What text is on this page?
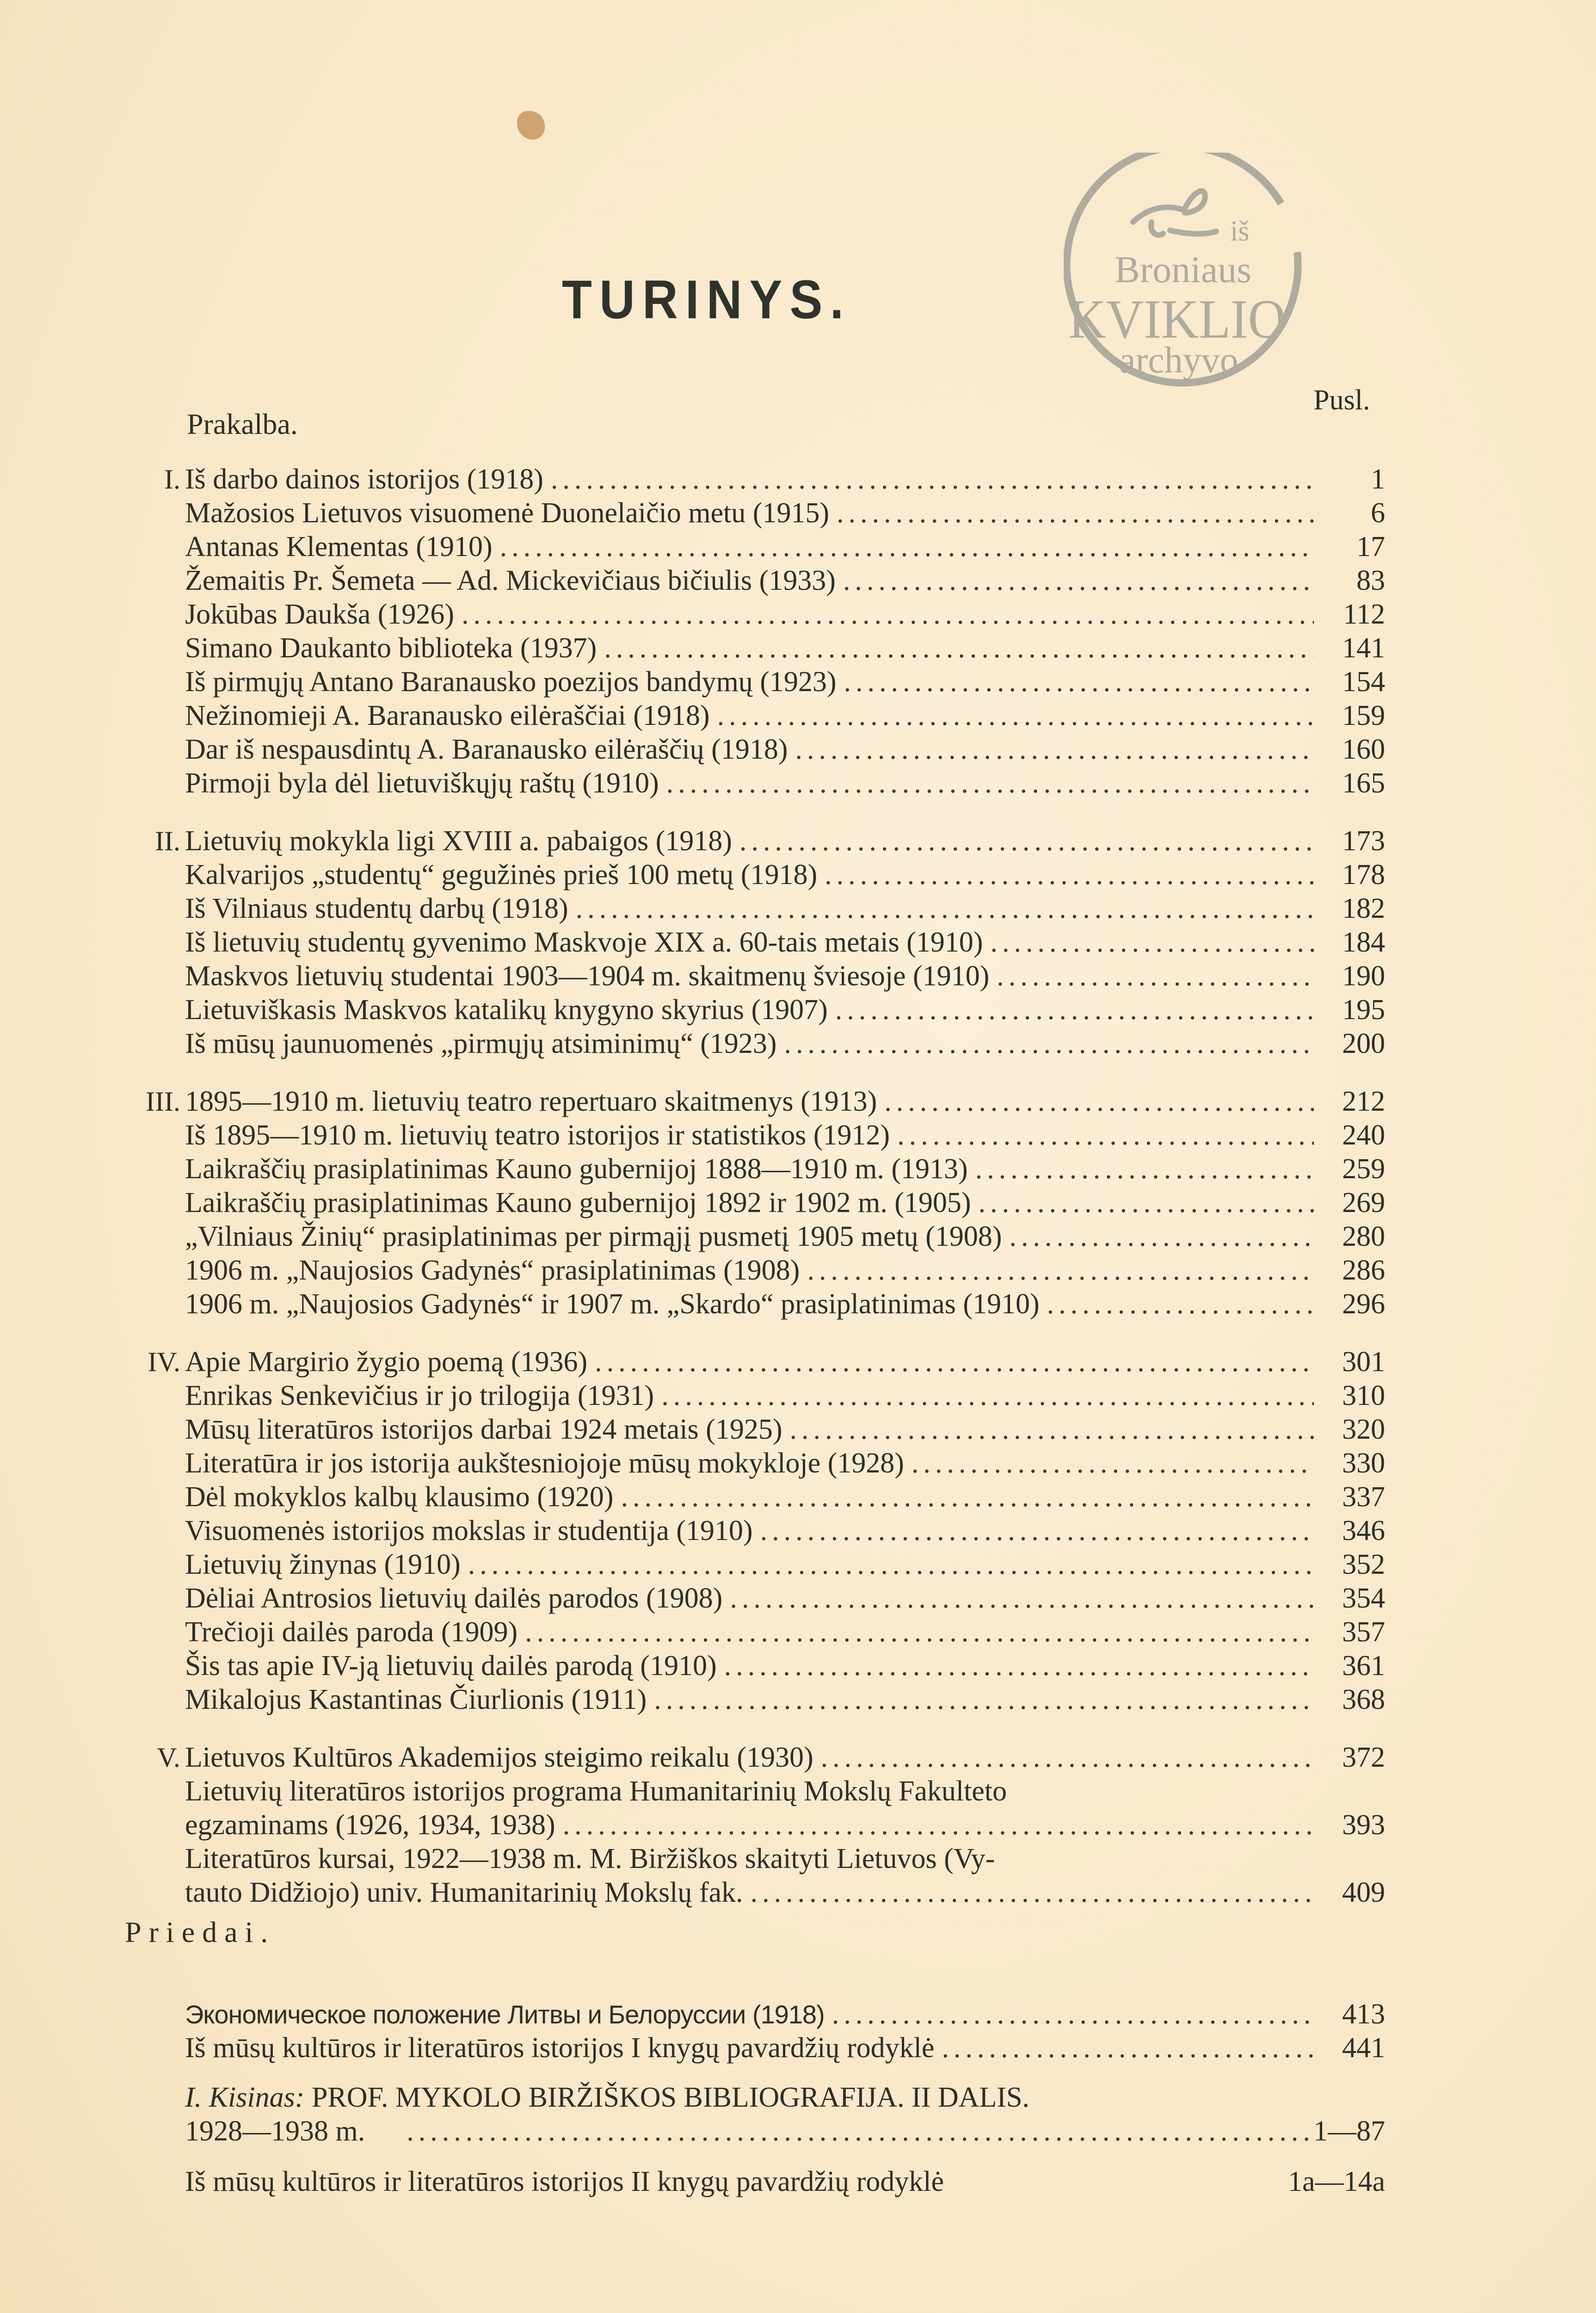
TURINYS.
iš
Broniaus
KVIKLIO
archyvo
Pusl.
Prakalba.
I. Iš darbo dainos istorijos (1918) .....	1
Mažosios Lietuvos visuomenė Duonelaičio metu (1915) .....	6
Antanas Klementas (1910) .....	17
Žemaitis Pr. Šemeta — Ad. Mickevičiaus bičiulis (1933) .....	83
Jokūbas Daukša (1926) .....	112
Simano Daukanto biblioteka (1937) .....	141
Iš pirmųjų Antano Baranausko poezijos bandymų (1923) .....	154
Nežinomieji A. Baranausko eilėraščiai (1918) .....	159
Dar iš nespausdintų A. Baranausko eilėraščių (1918) .....	160
Pirmoji byla dėl lietuviškųjų raštų (1910) .....	165
II. Lietuvių mokykla ligi XVIII a. pabaigos (1918) .....	173
Kalvarijos „studentų“ gegužinės prieš 100 metų (1918) .....	178
Iš Vilniaus studentų darbų (1918) .....	182
Iš lietuvių studentų gyvenimo Maskvoje XIX a. 60-tais metais (1910) .....	184
Maskvos lietuvių studentai 1903—1904 m. skaitmenų šviesoje (1910) .....	190
Lietuviškasis Maskvos katalikų knygyno skyrius (1907) .....	195
Iš mūsų jaunuomenės „pirmųjų atsiminimų“ (1923) .....	200
III. 1895—1910 m. lietuvių teatro repertuaro skaitmenys (1913) .....	212
Iš 1895—1910 m. lietuvių teatro istorijos ir statistikos (1912) .....	240
Laikraščių prasiplatinimas Kauno gubernijoj 1888—1910 m. (1913) .....	259
Laikraščių prasiplatinimas Kauno gubernijoj 1892 ir 1902 m. (1905) .....	269
„Vilniaus Žinių“ prasiplatinimas per pirmąjį pusmetį 1905 metų (1908) .....	280
1906 m. „Naujosios Gadynės“ prasiplatinimas (1908) .....	286
1906 m. „Naujosios Gadynės“ ir 1907 m. „Skardo“ prasiplatinimas (1910) .....	296
IV. Apie Margirio žygio poemą (1936) .....	301
Enrikas Senkevičius ir jo trilogija (1931) .....	310
Mūsų literatūros istorijos darbai 1924 metais (1925) .....	320
Literatūra ir jos istorija aukštesniojoje mūsų mokykloje (1928) .....	330
Dėl mokyklos kalbų klausimo (1920) .....	337
Visuomenės istorijos mokslas ir studentija (1910) .....	346
Lietuvių žinynas (1910) .....	352
Dėliai Antrosios lietuvių dailės parodos (1908) .....	354
Trečioji dailės paroda (1909) .....	357
Šis tas apie IV-ją lietuvių dailės parodą (1910) .....	361
Mikalojus Kastantinas Čiurlionis (1911) .....	368
V. Lietuvos Kultūros Akademijos steigimo reikalu (1930) .....	372
Lietuvių literatūros istorijos programa Humanitarinių Mokslų Fakulteto
egzaminams (1926, 1934, 1938) .....	393
Literatūros kursai, 1922—1938 m. M. Biržiškos skaityti Lietuvos (Vy-
tauto Didžiojo) univ. Humanitarinių Mokslų fak. .....	409
Priedai.
Экономическое положение Литвы и Белоруссии (1918) .....	413
Iš mūsų kultūros ir literatūros istorijos I knygų pavardžių rodyklė .....	441
I. Kisinas: PROF. MYKOLO BIRŽIŠKOS BIBLIOGRAFIJA. II DALIS.
1928—1938 m. .....	1—87
Iš mūsų kultūros ir literatūros istorijos II knygų pavardžių rodyklė	1a—14a
